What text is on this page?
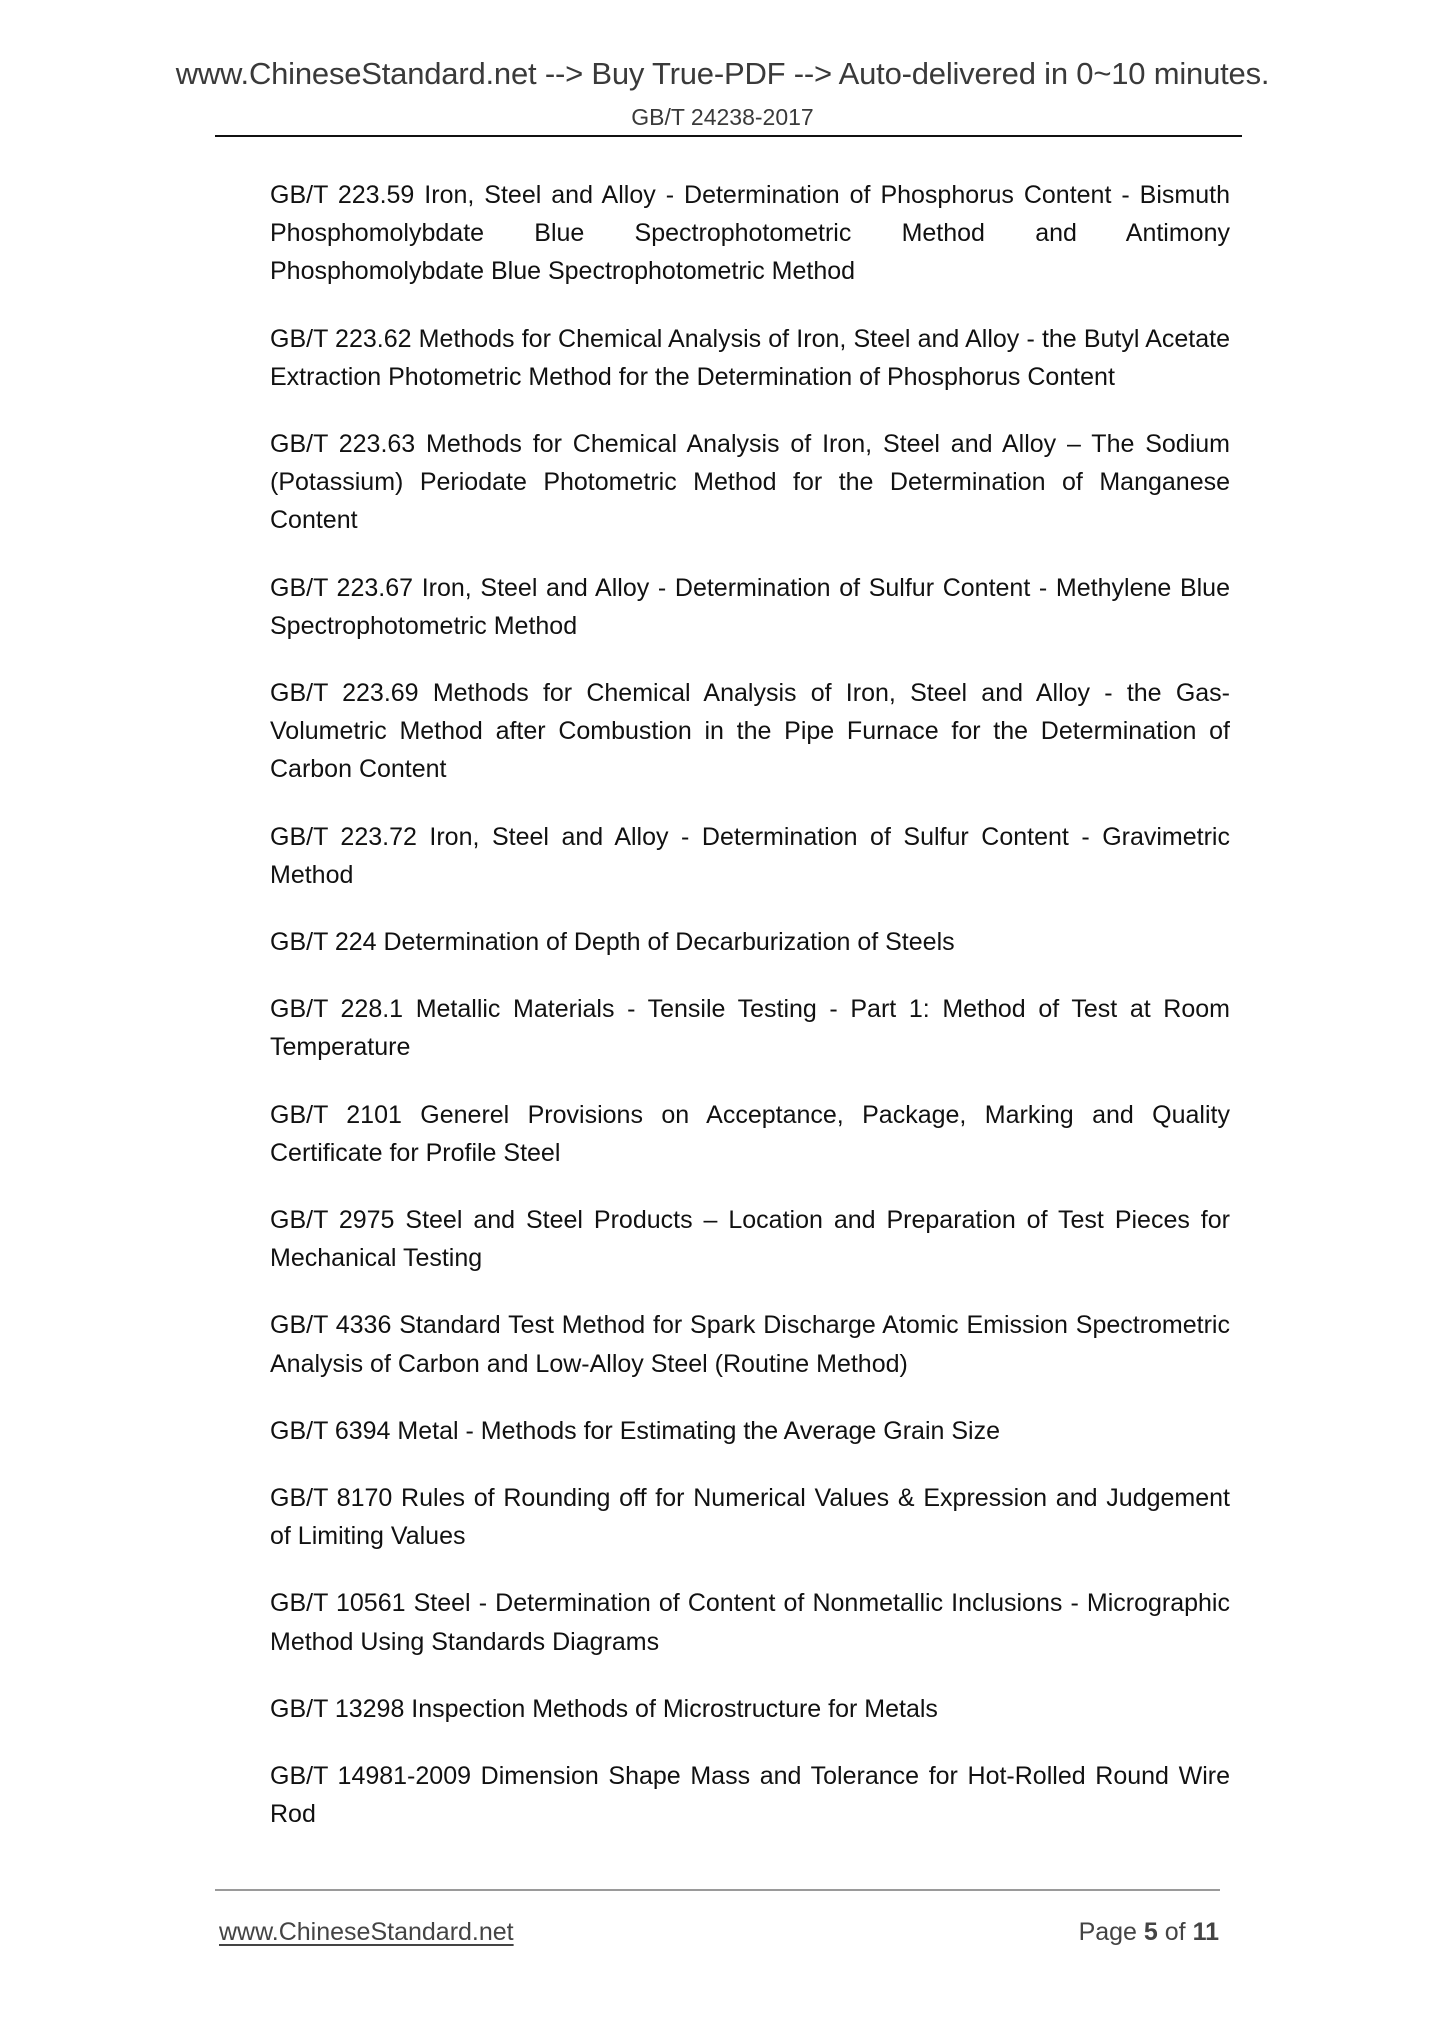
www.ChineseStandard.net --> Buy True-PDF --> Auto-delivered in 0~10 minutes.
GB/T 24238-2017

GB/T 223.59 Iron, Steel and Alloy - Determination of Phosphorus Content - Bismuth Phosphomolybdate Blue Spectrophotometric Method and Antimony Phosphomolybdate Blue Spectrophotometric Method

GB/T 223.62 Methods for Chemical Analysis of Iron, Steel and Alloy - the Butyl Acetate Extraction Photometric Method for the Determination of Phosphorus Content

GB/T 223.63 Methods for Chemical Analysis of Iron, Steel and Alloy – The Sodium (Potassium) Periodate Photometric Method for the Determination of Manganese Content

GB/T 223.67 Iron, Steel and Alloy - Determination of Sulfur Content - Methylene Blue Spectrophotometric Method

GB/T 223.69 Methods for Chemical Analysis of Iron, Steel and Alloy - the Gas-Volumetric Method after Combustion in the Pipe Furnace for the Determination of Carbon Content

GB/T 223.72 Iron, Steel and Alloy - Determination of Sulfur Content - Gravimetric Method

GB/T 224 Determination of Depth of Decarburization of Steels

GB/T 228.1 Metallic Materials - Tensile Testing - Part 1: Method of Test at Room Temperature

GB/T 2101 Generel Provisions on Acceptance, Package, Marking and Quality Certificate for Profile Steel

GB/T 2975 Steel and Steel Products – Location and Preparation of Test Pieces for Mechanical Testing

GB/T 4336 Standard Test Method for Spark Discharge Atomic Emission Spectrometric Analysis of Carbon and Low-Alloy Steel (Routine Method)

GB/T 6394 Metal - Methods for Estimating the Average Grain Size

GB/T 8170 Rules of Rounding off for Numerical Values & Expression and Judgement of Limiting Values

GB/T 10561 Steel - Determination of Content of Nonmetallic Inclusions - Micrographic Method Using Standards Diagrams

GB/T 13298 Inspection Methods of Microstructure for Metals

GB/T 14981-2009 Dimension Shape Mass and Tolerance for Hot-Rolled Round Wire Rod

www.ChineseStandard.net	Page 5 of 11
